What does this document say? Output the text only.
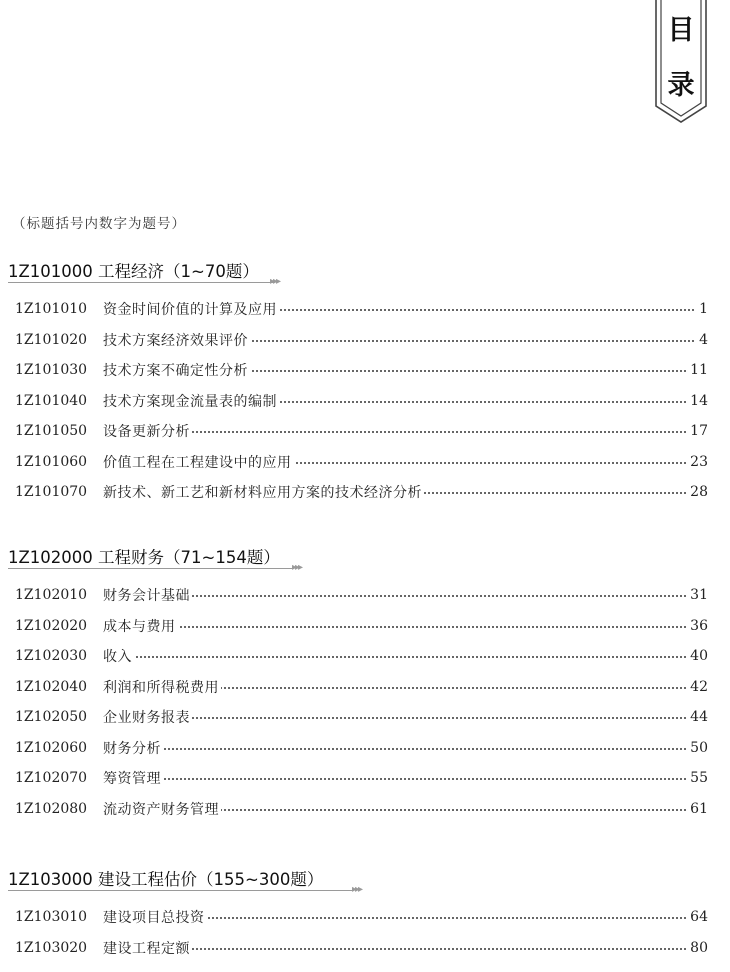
目
录
（标题括号内数字为题号）
1Z101000 工程经济（1~70题）
▸▸▸
1Z101010	资金时间价值的计算及应用	1
1Z101020	技术方案经济效果评价	4
1Z101030	技术方案不确定性分析	11
1Z101040	技术方案现金流量表的编制	14
1Z101050	设备更新分析	17
1Z101060	价值工程在工程建设中的应用	23
1Z101070	新技术、新工艺和新材料应用方案的技术经济分析	28
1Z102000 工程财务（71~154题）
▸▸▸
1Z102010	财务会计基础	31
1Z102020	成本与费用	36
1Z102030	收入	40
1Z102040	利润和所得税费用	42
1Z102050	企业财务报表	44
1Z102060	财务分析	50
1Z102070	筹资管理	55
1Z102080	流动资产财务管理	61
1Z103000 建设工程估价（155~300题）
▸▸▸
1Z103010	建设项目总投资	64
1Z103020	建设工程定额	80
